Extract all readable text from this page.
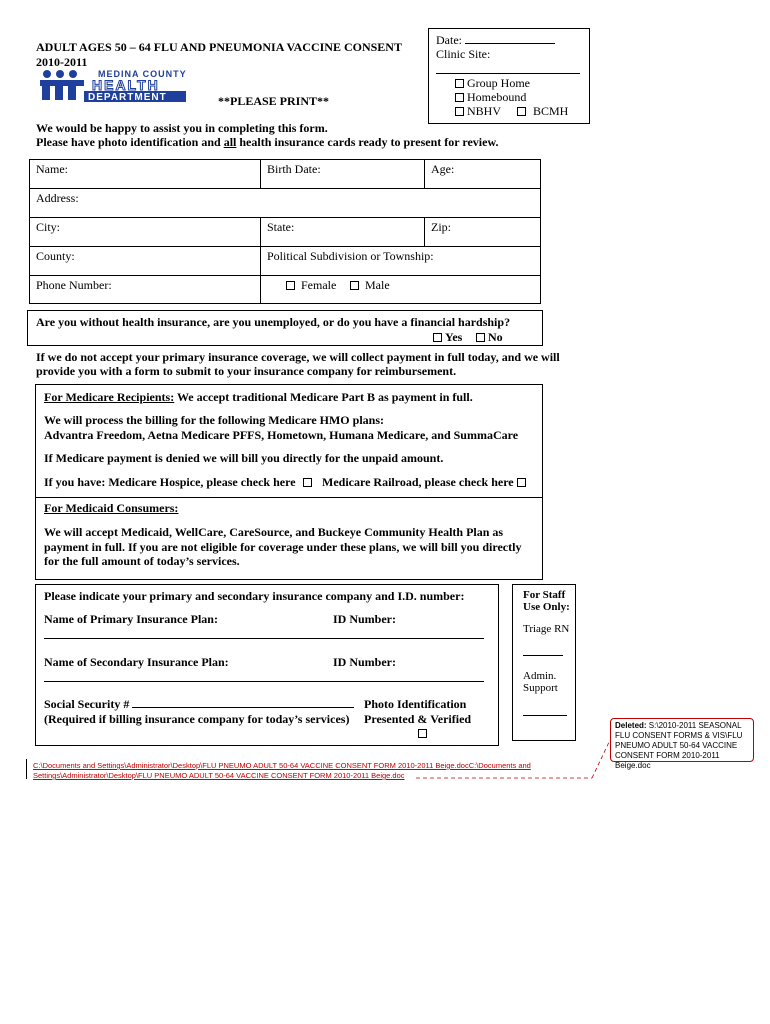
ADULT AGES 50 – 64 FLU AND PNEUMONIA VACCINE CONSENT
2010-2011
MEDINA COUNTY
HEALTH
DEPARTMENT	**PLEASE PRINT**
Date:
Clinic Site:
Group Home
Homebound
NBHV	BCMH
We would be happy to assist you in completing this form.
Please have photo identification and all health insurance cards ready to present for review.
Name:	Birth Date:	Age:
Address:
City:	State:	Zip:
County:	Political Subdivision or Township:
Phone Number:	Female	Male
Are you without health insurance, are you unemployed, or do you have a financial hardship?
Yes	No
If we do not accept your primary insurance coverage, we will collect payment in full today, and we will
provide you with a form to submit to your insurance company for reimbursement.
For Medicare Recipients: We accept traditional Medicare Part B as payment in full.
We will process the billing for the following Medicare HMO plans:
Advantra Freedom, Aetna Medicare PFFS, Hometown, Humana Medicare, and SummaCare
If Medicare payment is denied we will bill you directly for the unpaid amount.
If you have: Medicare Hospice, please check here	Medicare Railroad, please check here
For Medicaid Consumers:
We will accept Medicaid, WellCare, CareSource, and Buckeye Community Health Plan as
payment in full. If you are not eligible for coverage under these plans, we will bill you directly
for the full amount of today’s services.
Please indicate your primary and secondary insurance company and I.D. number:
Name of Primary Insurance Plan:	ID Number:
Name of Secondary Insurance Plan:	ID Number:
Social Security #
(Required if billing insurance company for today’s services)
Photo Identification
Presented & Verified
For Staff
Use Only:
Triage RN
Admin.
Support
Deleted: S:\2010-2011 SEASONAL FLU CONSENT FORMS & VIS\FLU PNEUMO ADULT 50-64 VACCINE CONSENT FORM 2010-2011 Beige.doc
C:\Documents and Settings\Administrator\Desktop\FLU PNEUMO ADULT 50-64 VACCINE CONSENT FORM 2010-2011 Beige.docC:\Documents and
Settings\Administrator\Desktop\FLU PNEUMO ADULT 50-64 VACCINE CONSENT FORM 2010-2011 Beige.doc
